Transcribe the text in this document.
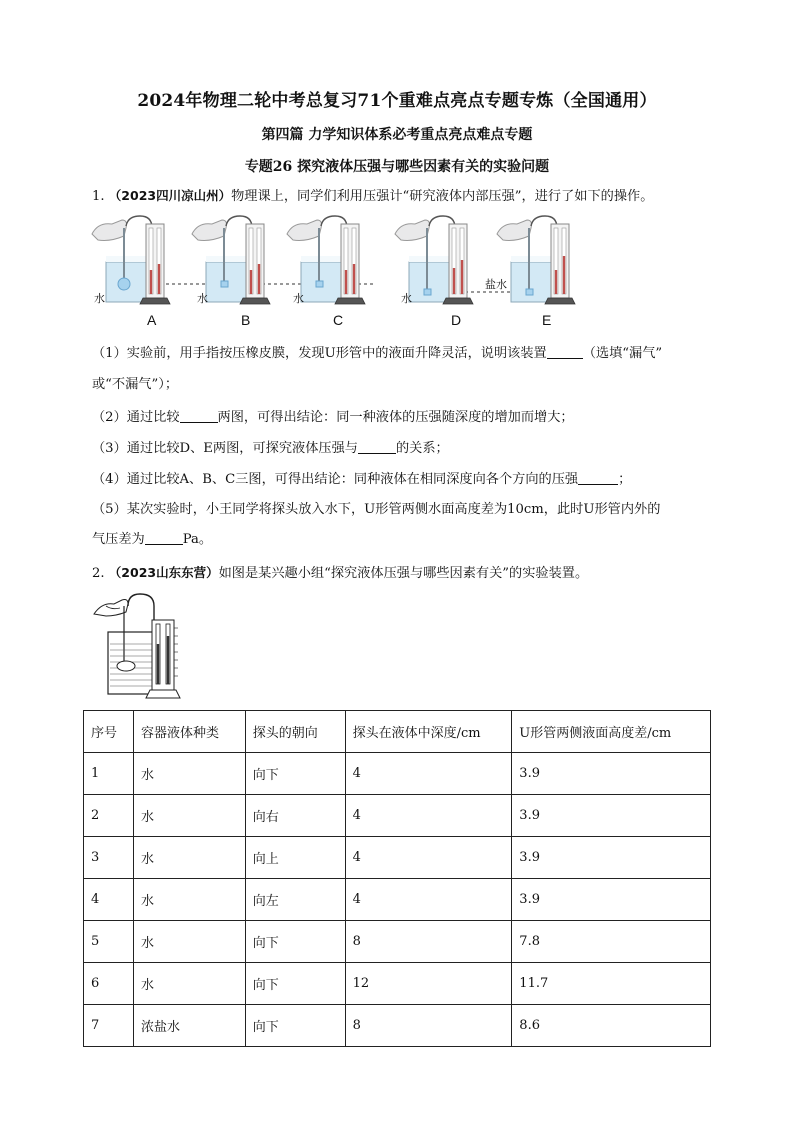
2024年物理二轮中考总复习71个重难点亮点专题专炼（全国通用）
第四篇 力学知识体系必考重点亮点难点专题
专题26 探究液体压强与哪些因素有关的实验问题
1. （2023四川凉山州）物理课上，同学们利用压强计“研究液体内部压强”，进行了如下的操作。
A	B	C	D	E
水	水	水	水
盐水
（1）实验前，用手指按压橡皮膜，发现U形管中的液面升降灵活，说明该装置	（选填“漏气”
或“不漏气”）；
（2）通过比较	两图，可得出结论：同一种液体的压强随深度的增加而增大；
（3）通过比较D、E两图，可探究液体压强与	的关系；
（4）通过比较A、B、C三图，可得出结论：同种液体在相同深度向各个方向的压强	；
（5）某次实验时，小王同学将探头放入水下，U形管两侧水面高度差为10cm，此时U形管内外的
气压差为	Pa。
2. （2023山东东营）如图是某兴趣小组“探究液体压强与哪些因素有关”的实验装置。
序号	容器液体种类	探头的朝向	探头在液体中深度/cm	U形管两侧液面高度差/cm
1	水	向下	4	3.9
2	水	向右	4	3.9
3	水	向上	4	3.9
4	水	向左	4	3.9
5	水	向下	8	7.8
6	水	向下	12	11.7
7	浓盐水	向下	8	8.6
